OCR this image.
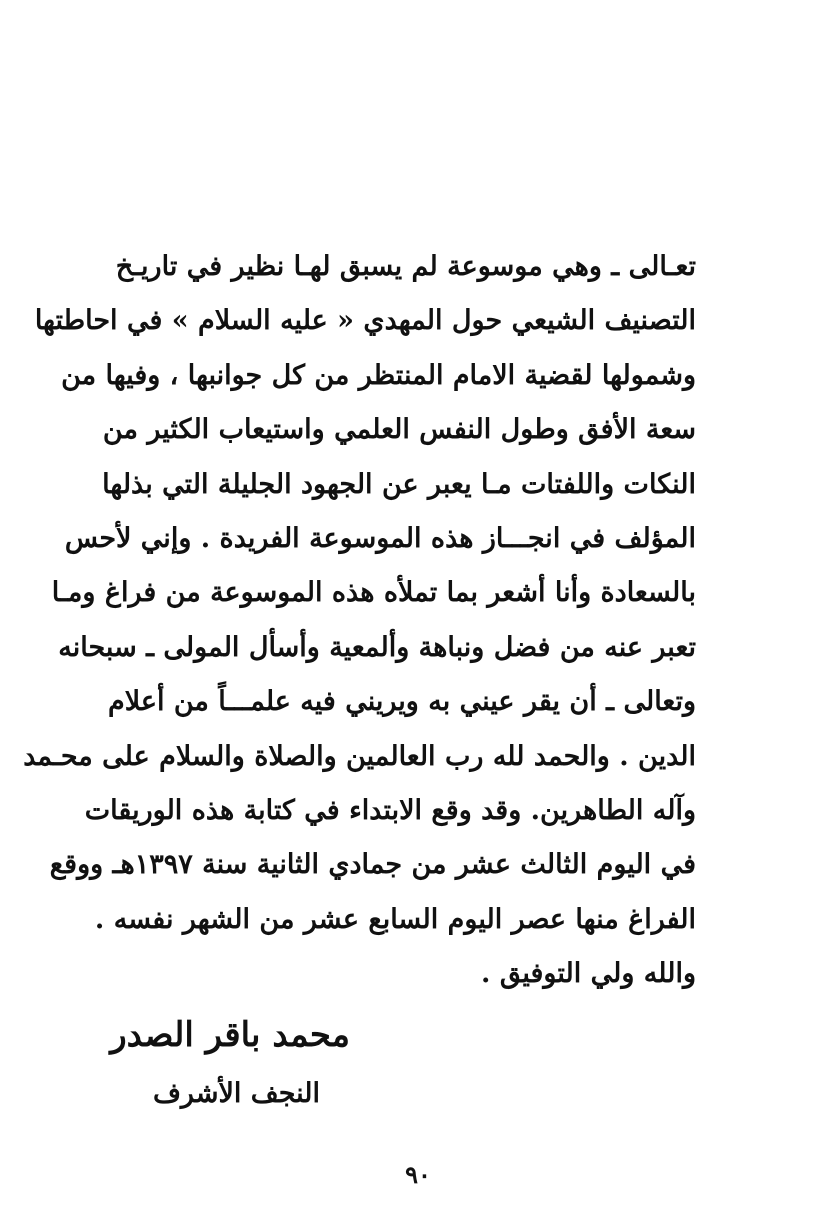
تعـالى ـ وهي موسوعة لم يسبق لهـا نظير في تاريـخ
التصنيف الشيعي حول المهدي « عليه السلام » في احاطتها
وشمولها لقضية الامام المنتظر من كل جوانبها ، وفيها من
سعة الأفق وطول النفس العلمي واستيعاب الكثير من
النكات واللفتات مـا يعبر عن الجهود الجليلة التي بذلها
المؤلف في انجـــاز هذه الموسوعة الفريدة . وإني لأحس
بالسعادة وأنا أشعر بما تملأه هذه الموسوعة من فراغ ومـا
تعبر عنه من فضل ونباهة وألمعية وأسأل المولى ـ سبحانه
وتعالى ـ أن يقر عيني به ويريني فيه علمـــاً من أعلام
الدين . والحمد لله رب العالمين والصلاة والسلام على محـمد
وآله الطاهرين. وقد وقع الابتداء في كتابة هذه الوريقات
في اليوم الثالث عشر من جمادي الثانية سنة ١٣٩٧هـ ووقع
الفراغ منها عصر اليوم السابع عشر من الشهر نفسه .
والله ولي التوفيق .
محمد باقر الصدر
النجف الأشرف
٩٠
